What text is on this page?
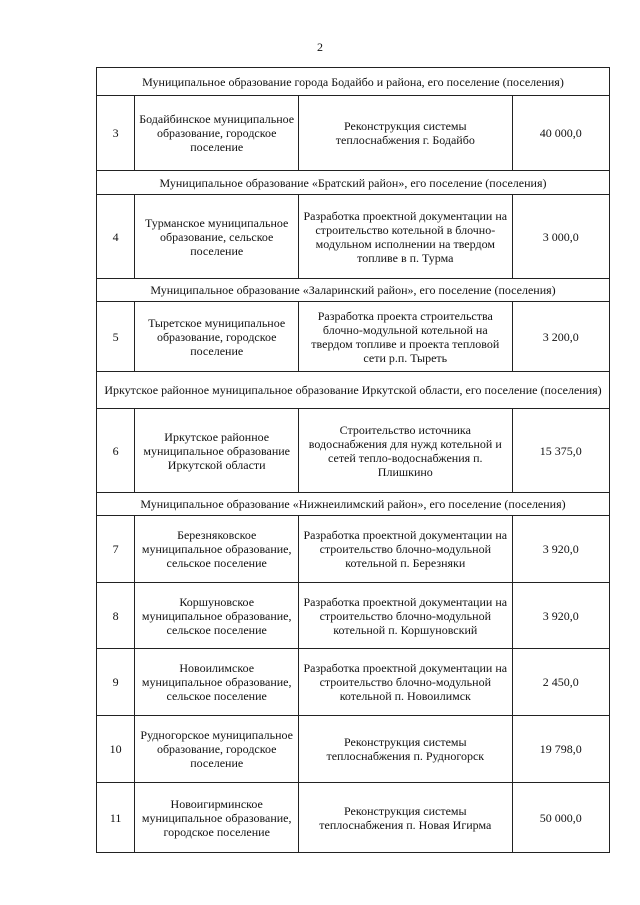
2
Муниципальное образование города Бодайбо и района, его поселение (поселения)			
3	Бодайбинское муниципальное образование, городское поселение	Реконструкция системы теплоснабжения г. Бодайбо	40 000,0
Муниципальное образование «Братский район», его поселение (поселения)			
4	Турманское муниципальное образование, сельское поселение	Разработка проектной документации на строительство котельной в блочно-модульном исполнении на твердом топливе в п. Турма	3 000,0
Муниципальное образование «Заларинский район», его поселение (поселения)			
5	Тыретское муниципальное образование, городское поселение	Разработка проекта строительства блочно-модульной котельной на твердом топливе и проекта тепловой сети р.п. Тыреть	3 200,0
Иркутское районное муниципальное образование Иркутской области, его поселение (поселения)			
6	Иркутское районное муниципальное образование Иркутской области	Строительство источника водоснабжения для нужд котельной и сетей тепло-водоснабжения п. Плишкино	15 375,0
Муниципальное образование «Нижнеилимский район», его поселение (поселения)			
7	Березняковское муниципальное образование, сельское поселение	Разработка проектной документации на строительство блочно-модульной котельной п. Березняки	3 920,0
8	Коршуновское муниципальное образование, сельское поселение	Разработка проектной документации на строительство блочно-модульной котельной п. Коршуновский	3 920,0
9	Новоилимское муниципальное образование, сельское поселение	Разработка проектной документации на строительство блочно-модульной котельной п. Новоилимск	2 450,0
10	Рудногорское муниципальное образование, городское поселение	Реконструкция системы теплоснабжения п. Рудногорск	19 798,0
11	Новоигирминское муниципальное образование, городское поселение	Реконструкция системы теплоснабжения п. Новая Игирма	50 000,0
